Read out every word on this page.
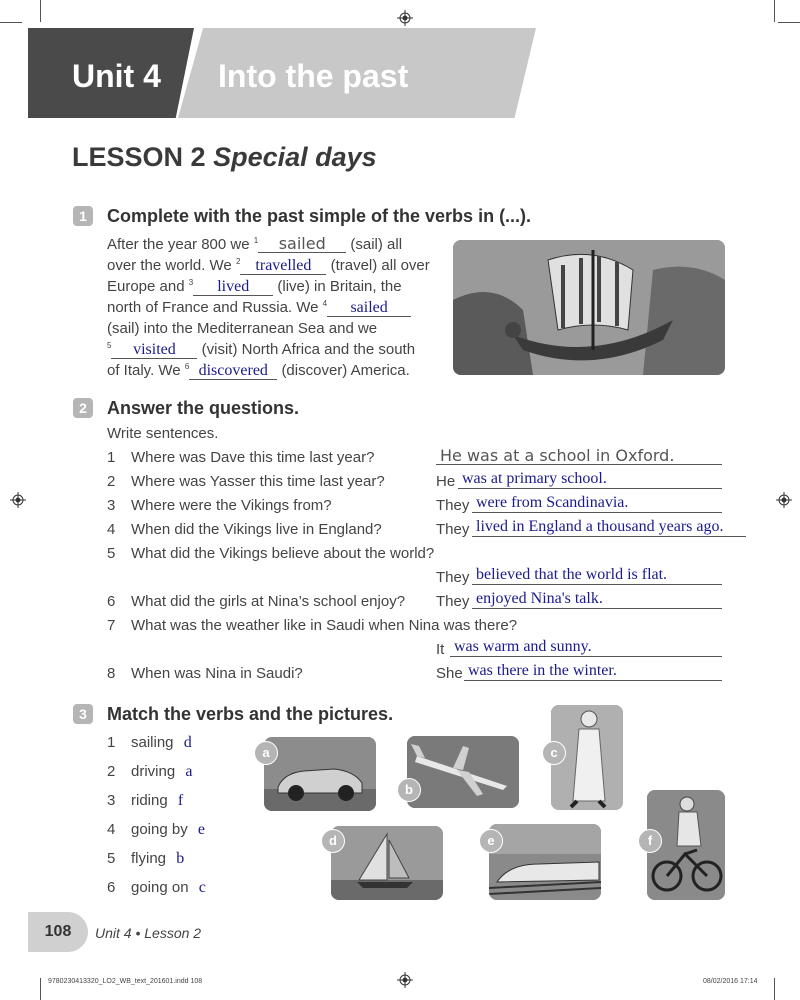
Unit 4 Into the past
LESSON 2 Special days
1	Complete with the past simple of the verbs in (...).
After the year 800 we $^1$ sailed (sail) all
over the world. We $^2$ travelled (travel) all over
Europe and $^3$ lived (live) in Britain, the
north of France and Russia. We $^4$ sailed
(sail) into the Mediterranean Sea and we
$^5$ visited (visit) North Africa and the south
of Italy. We $^6$ discovered (discover) America.
2	Answer the questions.
Write sentences.
1 Where was Dave this time last year?	He was at a school in Oxford.
2 Where was Yasser this time last year?	He was at primary school.
3 Where were the Vikings from?	They were from Scandinavia.
4 When did the Vikings live in England?	They lived in England a thousand years ago.
5 What did the Vikings believe about the world?
They believed that the world is flat.
6 What did the girls at Nina’s school enjoy? They enjoyed Nina's talk.
7 What was the weather like in Saudi when Nina was there?
It was warm and sunny.
8 When was Nina in Saudi?	She was there in the winter.
3	Match the verbs and the pictures.
1 sailing d
2 driving a
3 riding f
4 going by e
5 flying b
6 going on c
a
b
c
d	e	f
108	Unit 4 • Lesson 2
9780230413320_LO2_WB_text_201601.indd 108	08/02/2016 17:14
